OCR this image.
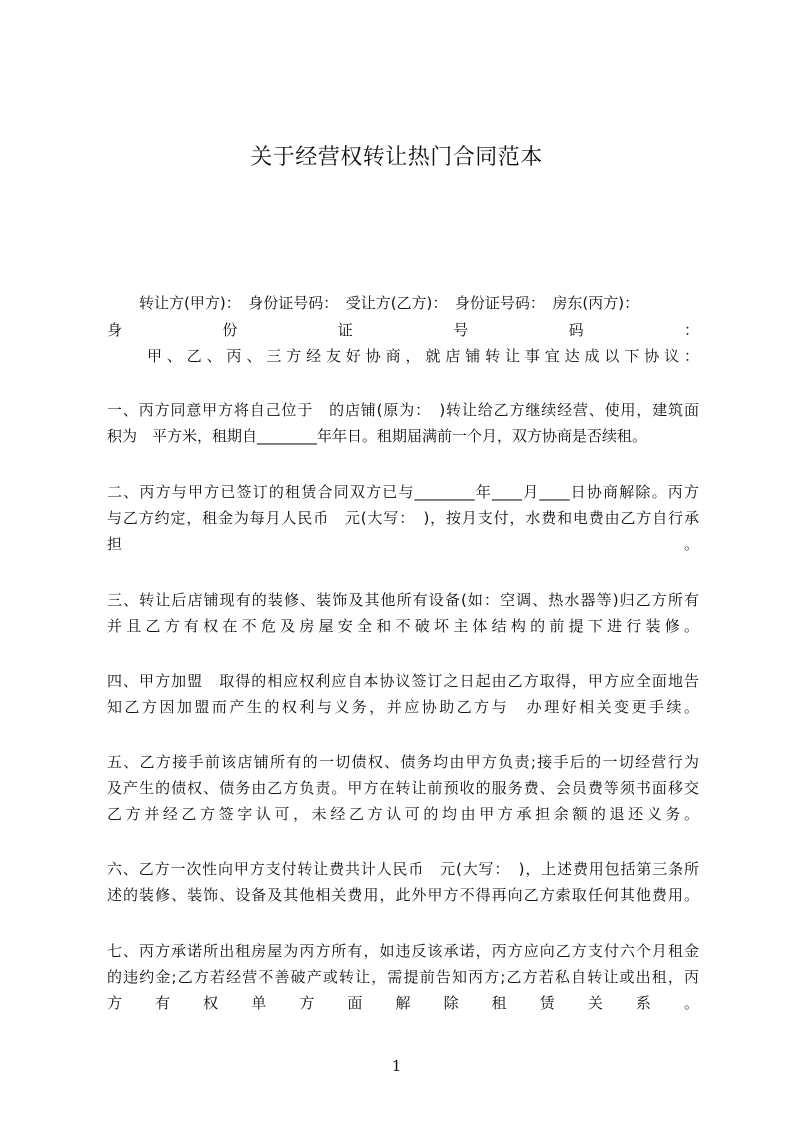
关于经营权转让热门合同范本
转让方(甲方)：　身份证号码：　受让方(乙方)：　身份证号码：　房东(丙方)：
身份证号码：
甲、乙、丙、三方经友好协商，就店铺转让事宜达成以下协议：
一、丙方同意甲方将自己位于　的店铺(原为：　)转让给乙方继续经营、使用，建筑面
积为　平方米，租期自________年年日。租期届满前一个月，双方协商是否续租。
二、丙方与甲方已签订的租赁合同双方已与________年____月____日协商解除。丙方
与乙方约定，租金为每月人民币　元(大写：　)，按月支付，水费和电费由乙方自行承
担	。
三、转让后店铺现有的装修、装饰及其他所有设备(如：空调、热水器等)归乙方所有
并且乙方有权在不危及房屋安全和不破坏主体结构的前提下进行装修。
四、甲方加盟　取得的相应权利应自本协议签订之日起由乙方取得，甲方应全面地告
知乙方因加盟而产生的权利与义务，并应协助乙方与　办理好相关变更手续。
五、乙方接手前该店铺所有的一切债权、债务均由甲方负责;接手后的一切经营行为
及产生的债权、债务由乙方负责。甲方在转让前预收的服务费、会员费等须书面移交
乙方并经乙方签字认可，未经乙方认可的均由甲方承担余额的退还义务。
六、乙方一次性向甲方支付转让费共计人民币　元(大写：　)，上述费用包括第三条所
述的装修、装饰、设备及其他相关费用，此外甲方不得再向乙方索取任何其他费用。
七、丙方承诺所出租房屋为丙方所有，如违反该承诺，丙方应向乙方支付六个月租金
的违约金;乙方若经营不善破产或转让，需提前告知丙方;乙方若私自转让或出租，丙
方有权单方面解除租赁关系。
1
